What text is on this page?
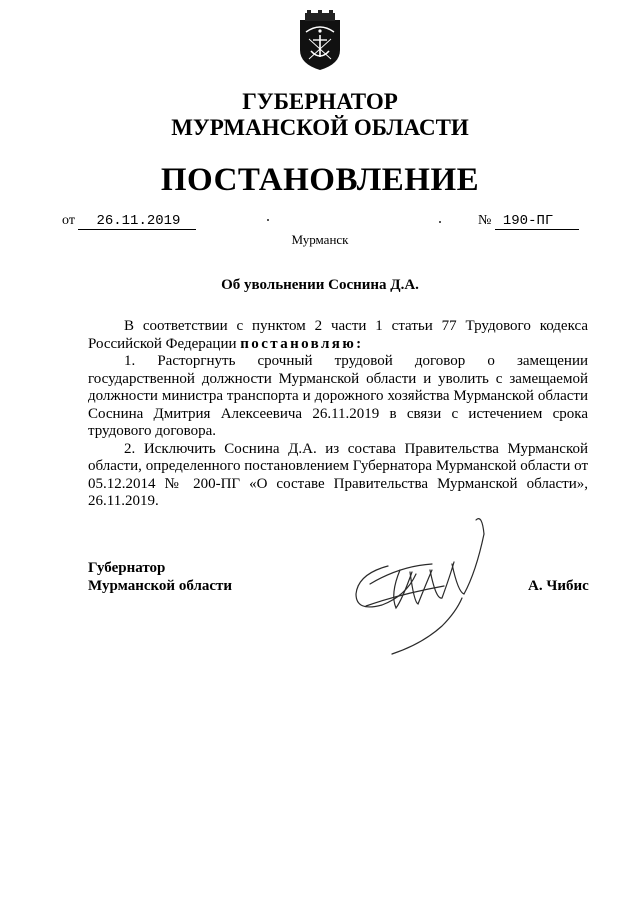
ГУБЕРНАТОР
МУРМАНСКОЙ ОБЛАСТИ
ПОСТАНОВЛЕНИЕ
от 26.11.2019	№ 190-ПГ
Мурманск
Об увольнении Соснина Д.А.

В соответствии с пунктом 2 части 1 статьи 77 Трудового кодекса Российской Федерации постановляю:

1. Расторгнуть срочный трудовой договор о замещении государственной должности Мурманской области и уволить с замещаемой должности министра транспорта и дорожного хозяйства Мурманской области Соснина Дмитрия Алексеевича 26.11.2019 в связи с истечением срока трудового договора.

2. Исключить Соснина Д.А. из состава Правительства Мурманской области, определенного постановлением Губернатора Мурманской области от 05.12.2014 № 200-ПГ «О составе Правительства Мурманской области», 26.11.2019.

Губернатор
Мурманской области	А. Чибис
